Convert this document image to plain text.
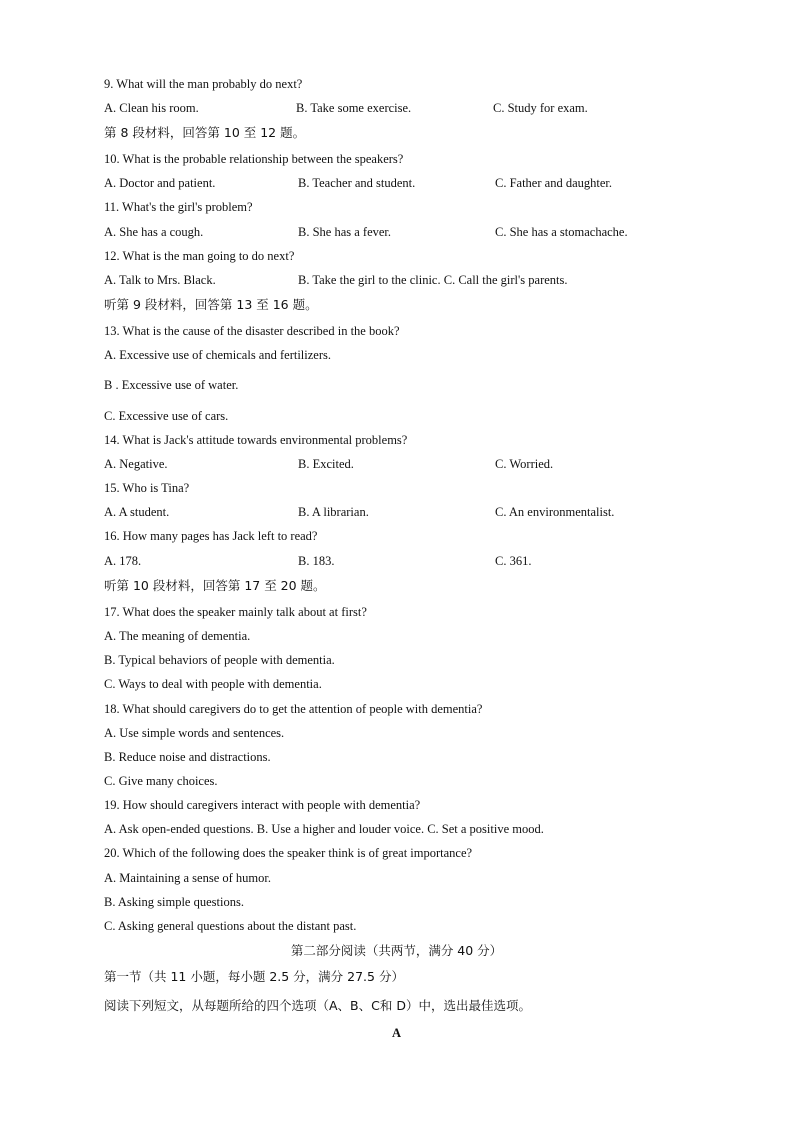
9. What will the man probably do next?
A. Clean his room.	B. Take some exercise.	C. Study for exam.
第 8 段材料，回答第 10 至 12 题。
10. What is the probable relationship between the speakers?
A. Doctor and patient.	B. Teacher and student.	C. Father and daughter.
11. What's the girl's problem?
A. She has a cough.	B. She has a fever.	C. She has a stomachache.
12. What is the man going to do next?
A. Talk to Mrs. Black.	B. Take the girl to the clinic. C. Call the girl's parents.
听第 9 段材料，回答第 13 至 16 题。
13. What is the cause of the disaster described in the book?
A. Excessive use of chemicals and fertilizers.
B . Excessive use of water.
C. Excessive use of cars.
14. What is Jack's attitude towards environmental problems?
A. Negative.	B. Excited.	C. Worried.
15. Who is Tina?
A. A student.	B. A librarian.	C. An environmentalist.
16. How many pages has Jack left to read?
A. 178.	B. 183.	C. 361.
听第 10 段材料，回答第 17 至 20 题。
17. What does the speaker mainly talk about at first?
A. The meaning of dementia.
B. Typical behaviors of people with dementia.
C. Ways to deal with people with dementia.
18. What should caregivers do to get the attention of people with dementia?
A. Use simple words and sentences.
B. Reduce noise and distractions.
C. Give many choices.
19. How should caregivers interact with people with dementia?
A. Ask open-ended questions. B. Use a higher and louder voice. C. Set a positive mood.
20. Which of the following does the speaker think is of great importance?
A. Maintaining a sense of humor.
B. Asking simple questions.
C. Asking general questions about the distant past.
第二部分阅读（共两节，满分 40 分）
第一节（共 11 小题，每小题 2.5 分，满分 27.5 分）
阅读下列短文，从每题所给的四个选项（A、B、C和 D）中，选出最佳选项。
A
